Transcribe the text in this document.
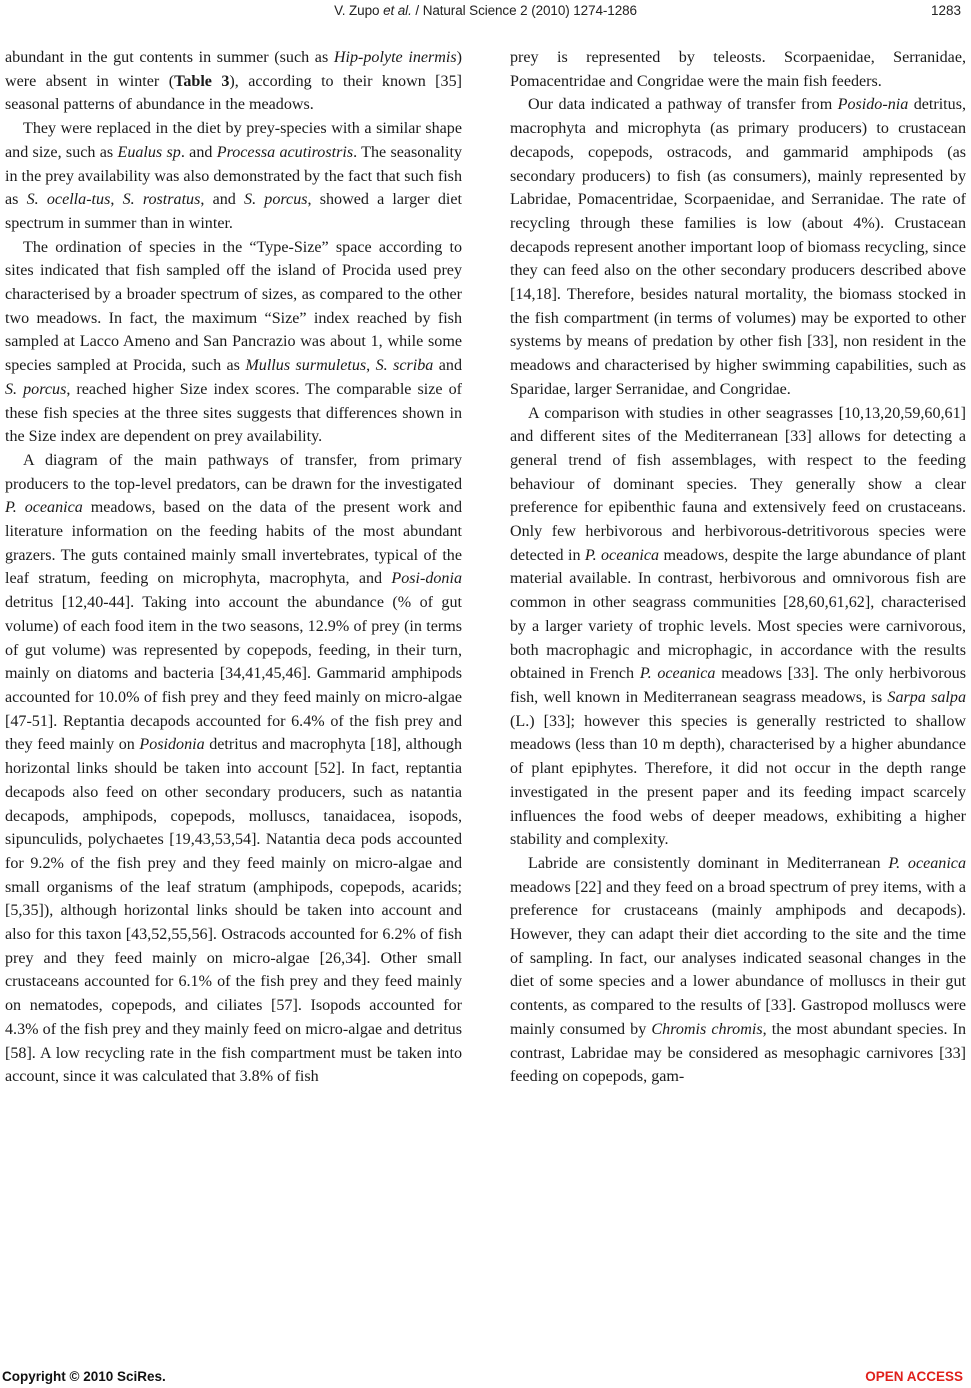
V. Zupo et al. / Natural Science 2 (2010) 1274-1286	1283

abundant in the gut contents in summer (such as Hip-polyte inermis) were absent in winter (Table 3), according to their known [35] seasonal patterns of abundance in the meadows.

They were replaced in the diet by prey-species with a similar shape and size, such as Eualus sp. and Processa acutirostris. The seasonality in the prey availability was also demonstrated by the fact that such fish as S. ocella-tus, S. rostratus, and S. porcus, showed a larger diet spectrum in summer than in winter.

The ordination of species in the “Type-Size” space according to sites indicated that fish sampled off the island of Procida used prey characterised by a broader spectrum of sizes, as compared to the other two meadows. In fact, the maximum “Size” index reached by fish sampled at Lacco Ameno and San Pancrazio was about 1, while some species sampled at Procida, such as Mullus surmuletus, S. scriba and S. porcus, reached higher Size index scores. The comparable size of these fish species at the three sites suggests that differences shown in the Size index are dependent on prey availability.

A diagram of the main pathways of transfer, from primary producers to the top-level predators, can be drawn for the investigated P. oceanica meadows, based on the data of the present work and literature information on the feeding habits of the most abundant grazers. The guts contained mainly small invertebrates, typical of the leaf stratum, feeding on microphyta, macrophyta, and Posi-donia detritus [12,40-44]. Taking into account the abundance (% of gut volume) of each food item in the two seasons, 12.9% of prey (in terms of gut volume) was represented by copepods, feeding, in their turn, mainly on diatoms and bacteria [34,41,45,46]. Gammarid amphipods accounted for 10.0% of fish prey and they feed mainly on micro-algae [47-51]. Reptantia decapods accounted for 6.4% of the fish prey and they feed mainly on Posidonia detritus and macrophyta [18], although horizontal links should be taken into account [52]. In fact, reptantia decapods also feed on other secondary producers, such as natantia decapods, amphipods, copepods, molluscs, tanaidacea, isopods, sipunculids, polychaetes [19,43,53,54]. Natantia deca pods accounted for 9.2% of the fish prey and they feed mainly on micro-algae and small organisms of the leaf stratum (amphipods, copepods, acarids; [5,35]), although horizontal links should be taken into account and also for this taxon [43,52,55,56]. Ostracods accounted for 6.2% of fish prey and they feed mainly on micro-algae [26,34]. Other small crustaceans accounted for 6.1% of the fish prey and they feed mainly on nematodes, copepods, and ciliates [57]. Isopods accounted for 4.3% of the fish prey and they mainly feed on micro-algae and detritus [58]. A low recycling rate in the fish compartment must be taken into account, since it was calculated that 3.8% of fish

prey is represented by teleosts. Scorpaenidae, Serranidae, Pomacentridae and Congridae were the main fish feeders.

Our data indicated a pathway of transfer from Posido-nia detritus, macrophyta and microphyta (as primary producers) to crustacean decapods, copepods, ostracods, and gammarid amphipods (as secondary producers) to fish (as consumers), mainly represented by Labridae, Pomacentridae, Scorpaenidae, and Serranidae. The rate of recycling through these families is low (about 4%). Crustacean decapods represent another important loop of biomass recycling, since they can feed also on the other secondary producers described above [14,18]. Therefore, besides natural mortality, the biomass stocked in the fish compartment (in terms of volumes) may be exported to other systems by means of predation by other fish [33], non resident in the meadows and characterised by higher swimming capabilities, such as Sparidae, larger Serranidae, and Congridae.

A comparison with studies in other seagrasses [10,13,20,59,60,61] and different sites of the Mediterranean [33] allows for detecting a general trend of fish assemblages, with respect to the feeding behaviour of dominant species. They generally show a clear preference for epibenthic fauna and extensively feed on crustaceans. Only few herbivorous and herbivorous-detritivorous species were detected in P. oceanica meadows, despite the large abundance of plant material available. In contrast, herbivorous and omnivorous fish are common in other seagrass communities [28,60,61,62], characterised by a larger variety of trophic levels. Most species were carnivorous, both macrophagic and microphagic, in accordance with the results obtained in French P. oceanica meadows [33]. The only herbivorous fish, well known in Mediterranean seagrass meadows, is Sarpa salpa (L.) [33]; however this species is generally restricted to shallow meadows (less than 10 m depth), characterised by a higher abundance of plant epiphytes. Therefore, it did not occur in the depth range investigated in the present paper and its feeding impact scarcely influences the food webs of deeper meadows, exhibiting a higher stability and complexity.

Labride are consistently dominant in Mediterranean P. oceanica meadows [22] and they feed on a broad spectrum of prey items, with a preference for crustaceans (mainly amphipods and decapods). However, they can adapt their diet according to the site and the time of sampling. In fact, our analyses indicated seasonal changes in the diet of some species and a lower abundance of molluscs in their gut contents, as compared to the results of [33]. Gastropod molluscs were mainly consumed by Chromis chromis, the most abundant species. In contrast, Labridae may be considered as mesophagic carnivores [33] feeding on copepods, gam-

Copyright © 2010 SciRes.	OPEN ACCESS
